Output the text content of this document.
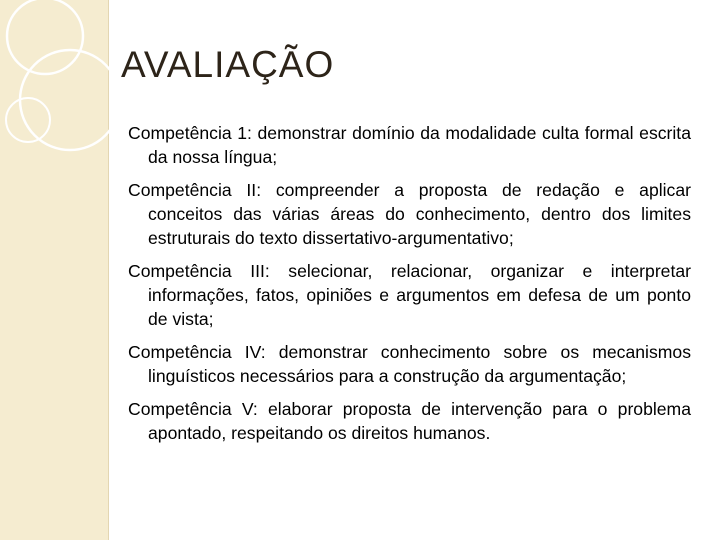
AVALIAÇÃO

Competência 1: demonstrar domínio da modalidade culta formal escrita da nossa língua;

Competência II: compreender a proposta de redação e aplicar conceitos das várias áreas do conhecimento, dentro dos limites estruturais do texto dissertativo-argumentativo;

Competência III: selecionar, relacionar, organizar e interpretar informações, fatos, opiniões e argumentos em defesa de um ponto de vista;

Competência IV: demonstrar conhecimento sobre os mecanismos linguísticos necessários para a construção da argumentação;

Competência V: elaborar proposta de intervenção para o problema apontado, respeitando os direitos humanos.
